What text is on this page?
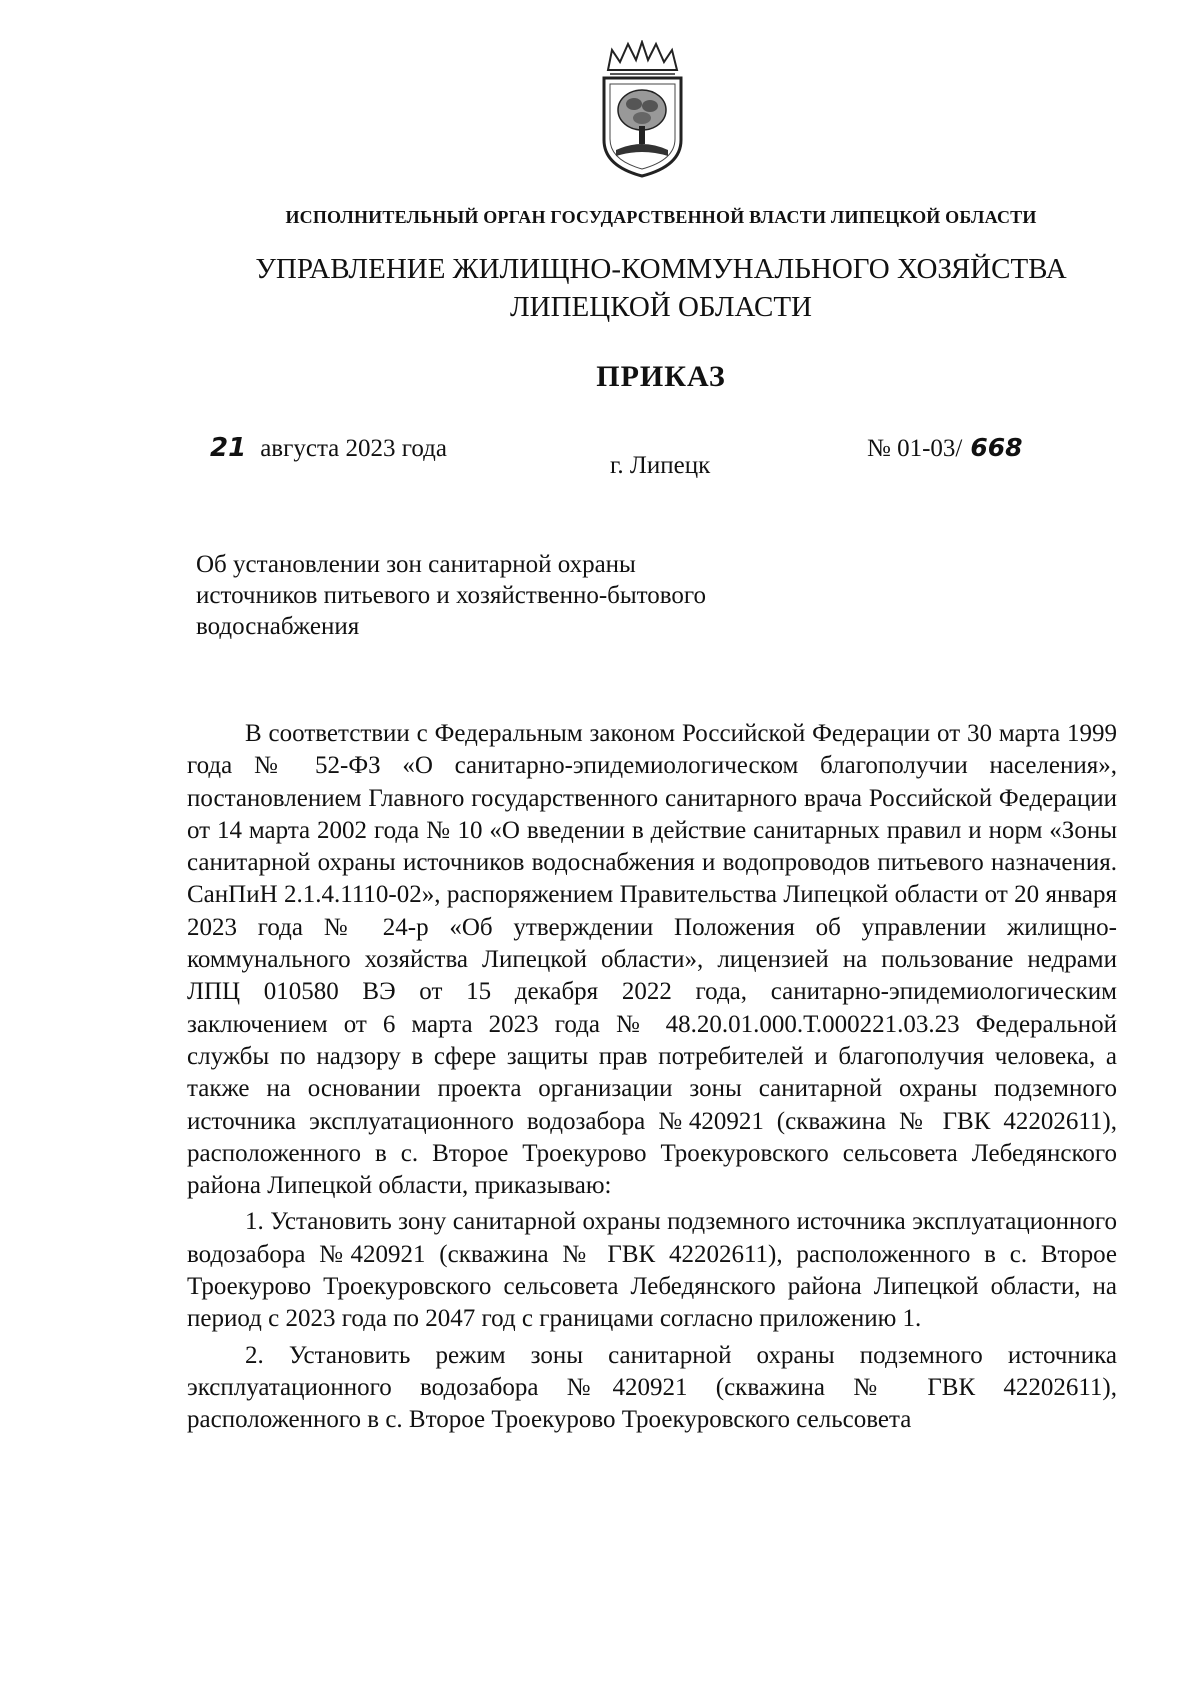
ИСПОЛНИТЕЛЬНЫЙ ОРГАН ГОСУДАРСТВЕННОЙ ВЛАСТИ ЛИПЕЦКОЙ ОБЛАСТИ
УПРАВЛЕНИЕ ЖИЛИЩНО-КОММУНАЛЬНОГО ХОЗЯЙСТВА
ЛИПЕЦКОЙ ОБЛАСТИ
ПРИКАЗ
21 августа 2023 года
г. Липецк
№ 01-03/ 668
Об установлении зон санитарной охраны
источников питьевого и хозяйственно-бытового
водоснабжения

В соответствии с Федеральным законом Российской Федерации от 30 марта 1999 года № 52-ФЗ «О санитарно-эпидемиологическом благополучии населения», постановлением Главного государственного санитарного врача Российской Федерации от 14 марта 2002 года № 10 «О введении в действие санитарных правил и норм «Зоны санитарной охраны источников водоснабжения и водопроводов питьевого назначения. СанПиН 2.1.4.1110-02», распоряжением Правительства Липецкой области от 20 января 2023 года № 24-р «Об утверждении Положения об управлении жилищно-коммунального хозяйства Липецкой области», лицензией на пользование недрами ЛПЦ 010580 ВЭ от 15 декабря 2022 года, санитарно-эпидемиологическим заключением от 6 марта 2023 года № 48.20.01.000.Т.000221.03.23 Федеральной службы по надзору в сфере защиты прав потребителей и благополучия человека, а также на основании проекта организации зоны санитарной охраны подземного источника эксплуатационного водозабора №420921 (скважина № ГВК 42202611), расположенного в с. Второе Троекурово Троекуровского сельсовета Лебедянского района Липецкой области, приказываю:

1. Установить зону санитарной охраны подземного источника эксплуатационного водозабора №420921 (скважина № ГВК 42202611), расположенного в с. Второе Троекурово Троекуровского сельсовета Лебедянского района Липецкой области, на период с 2023 года по 2047 год с границами согласно приложению 1.

2. Установить режим зоны санитарной охраны подземного источника эксплуатационного водозабора №420921 (скважина № ГВК 42202611), расположенного в с. Второе Троекурово Троекуровского сельсовета
